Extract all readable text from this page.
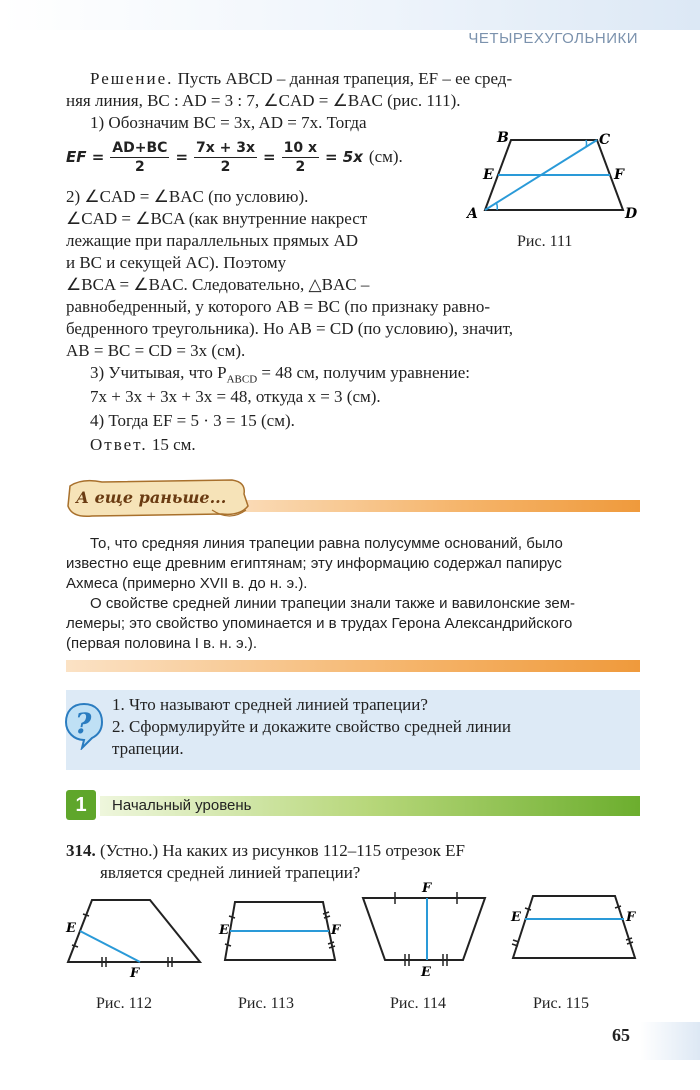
ЧЕТЫРЕХУГОЛЬНИКИ
Решение. Пусть ABCD – данная трапеция, EF – ее сред-
няя линия, BC : AD = 3 : 7, ∠CAD = ∠BAC (рис. 111).
1) Обозначим BC = 3x, AD = 7x. Тогда
EF = $\frac{AD+BC}{2} = \frac{7x + 3x}{2} = \frac{10 x}{2} = 5x$ (см).
2) ∠CAD = ∠BAC (по условию).
∠CAD = ∠BCA (как внутренние накрест
лежащие при параллельных прямых AD
и BC и секущей AC). Поэтому
∠BCA = ∠BAC. Следовательно, △BAC –
равнобедренный, у которого AB = BC (по признаку равно-
бедренного треугольника). Но AB = CD (по условию), значит,
AB = BC = CD = 3x (см).
3) Учитывая, что $P_{ABCD} = 48$ см, получим уравнение:
7x + 3x + 3x + 3x = 48, откуда x = 3 (см).
4) Тогда EF = 5 · 3 = 15 (см).
Ответ. 15 см.
B	C
E	F
A	D
Рис. 111
А еще раньше...
То, что средняя линия трапеции равна полусумме оснований, было
известно еще древним египтянам; эту информацию содержал папирус
Ахмеса (примерно XVII в. до н. э.).
О свойстве средней линии трапеции знали также и вавилонские зем-
лемеры; это свойство упоминается и в трудах Герона Александрийского
(первая половина I в. н. э.).
?
1. Что называют средней линией трапеции?
2. Сформулируйте и докажите свойство средней линии
трапеции.
1	Начальный уровень
314. (Устно.) На каких из рисунков 112–115 отрезок EF
является средней линией трапеции?
E
F
Рис. 112
E	F
Рис. 113
F
E
Рис. 114
E	F
Рис. 115
65
